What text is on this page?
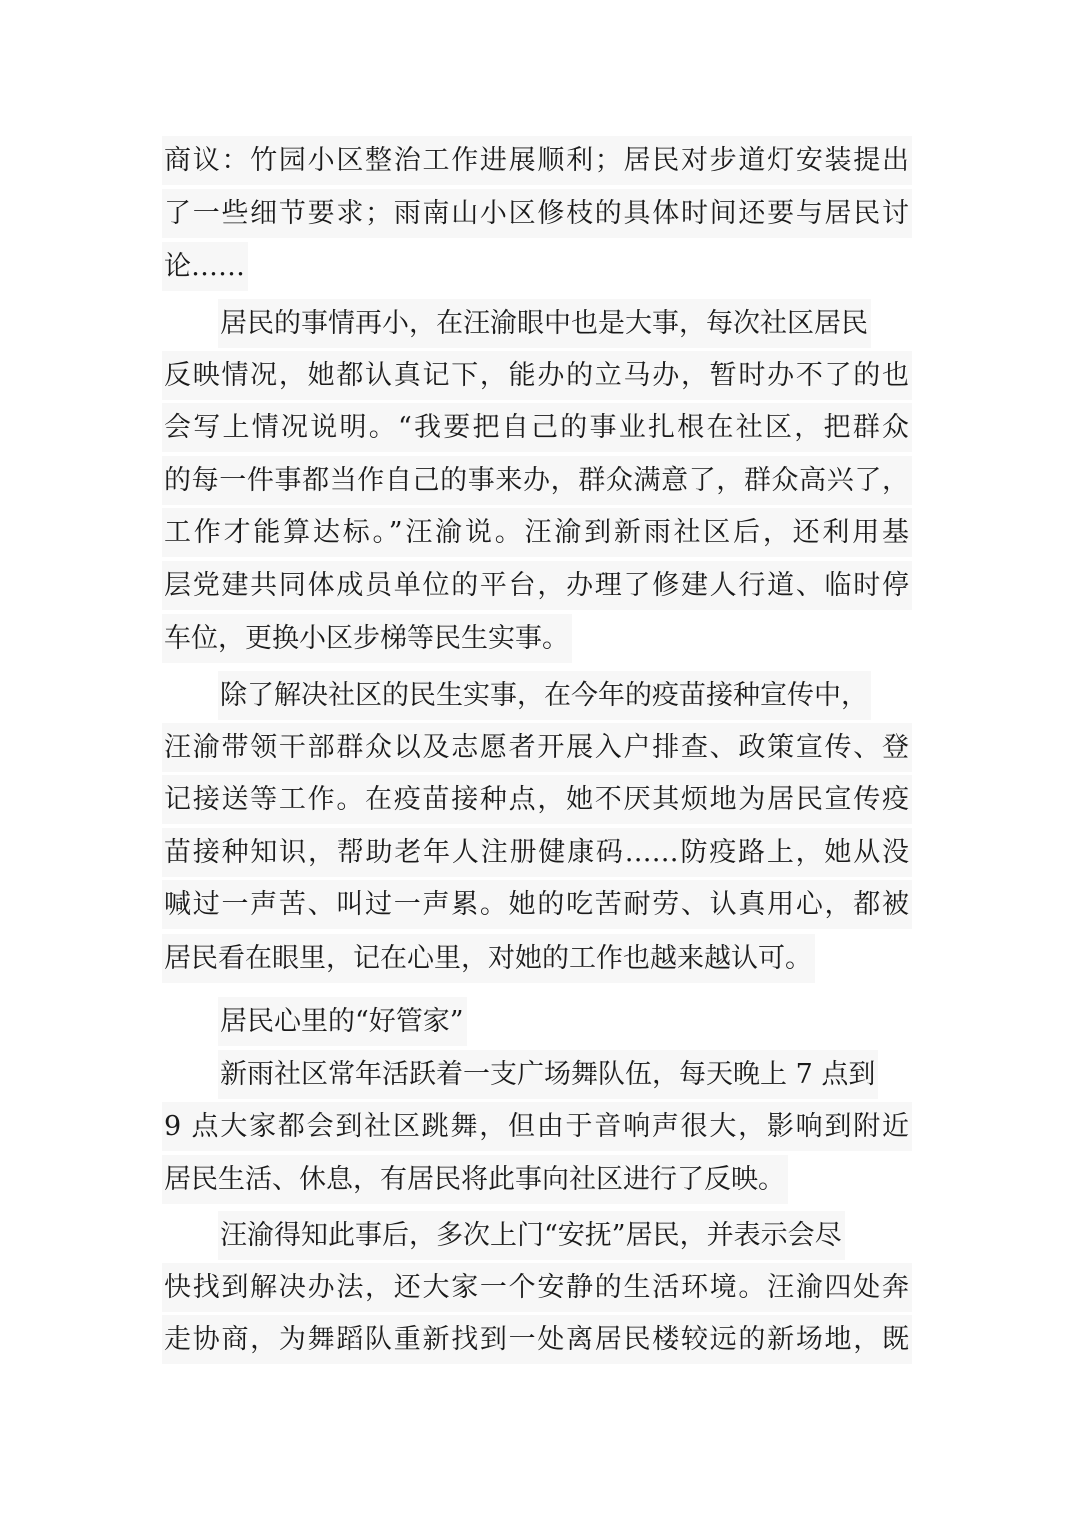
商议：竹园小区整治工作进展顺利；居民对步道灯安装提出
了一些细节要求；雨南山小区修枝的具体时间还要与居民讨
论……
居民的事情再小，在汪渝眼中也是大事，每次社区居民
反映情况，她都认真记下，能办的立马办，暂时办不了的也
会写上情况说明。“我要把自己的事业扎根在社区，把群众
的每一件事都当作自己的事来办，群众满意了，群众高兴了，
工作才能算达标。”汪渝说。汪渝到新雨社区后，还利用基
层党建共同体成员单位的平台，办理了修建人行道、临时停
车位，更换小区步梯等民生实事。
除了解决社区的民生实事，在今年的疫苗接种宣传中，
汪渝带领干部群众以及志愿者开展入户排查、政策宣传、登
记接送等工作。在疫苗接种点，她不厌其烦地为居民宣传疫
苗接种知识，帮助老年人注册健康码……防疫路上，她从没
喊过一声苦、叫过一声累。她的吃苦耐劳、认真用心，都被
居民看在眼里，记在心里，对她的工作也越来越认可。
居民心里的“好管家”
新雨社区常年活跃着一支广场舞队伍，每天晚上 7 点到
9 点大家都会到社区跳舞，但由于音响声很大，影响到附近
居民生活、休息，有居民将此事向社区进行了反映。
汪渝得知此事后，多次上门“安抚”居民，并表示会尽
快找到解决办法，还大家一个安静的生活环境。汪渝四处奔
走协商，为舞蹈队重新找到一处离居民楼较远的新场地，既
